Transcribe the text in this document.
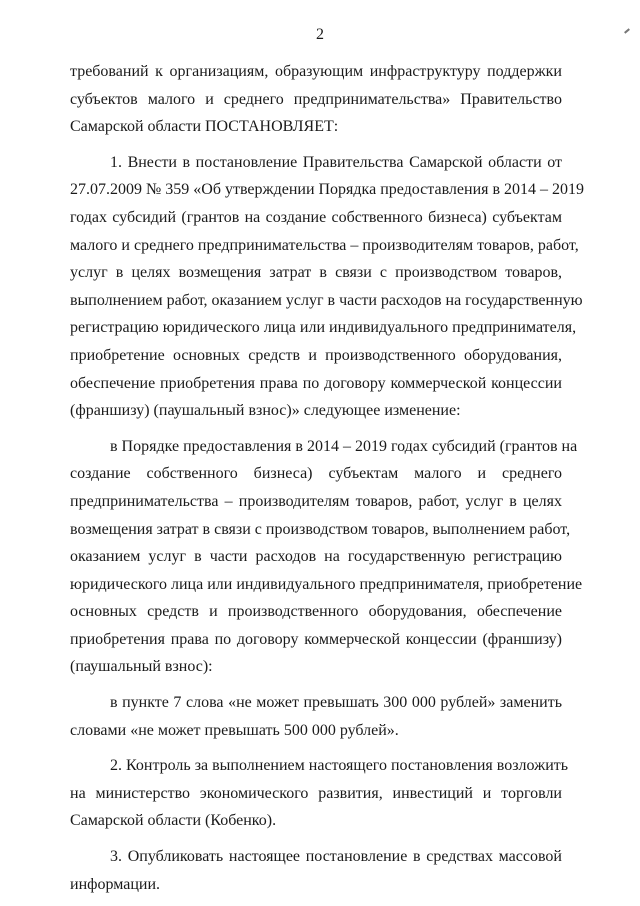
2

требований к организациям, образующим инфраструктуру поддержки
субъектов малого и среднего предпринимательства» Правительство
Самарской области ПОСТАНОВЛЯЕТ:

1. Внести в постановление Правительства Самарской области от
27.07.2009 № 359 «Об утверждении Порядка предоставления в 2014 – 2019
годах субсидий (грантов на создание собственного бизнеса) субъектам
малого и среднего предпринимательства – производителям товаров, работ,
услуг в целях возмещения затрат в связи с производством товаров,
выполнением работ, оказанием услуг в части расходов на государственную
регистрацию юридического лица или индивидуального предпринимателя,
приобретение основных средств и производственного оборудования,
обеспечение приобретения права по договору коммерческой концессии
(франшизу) (паушальный взнос)» следующее изменение:

в Порядке предоставления в 2014 – 2019 годах субсидий (грантов на
создание собственного бизнеса) субъектам малого и среднего
предпринимательства – производителям товаров, работ, услуг в целях
возмещения затрат в связи с производством товаров, выполнением работ,
оказанием услуг в части расходов на государственную регистрацию
юридического лица или индивидуального предпринимателя, приобретение
основных средств и производственного оборудования, обеспечение
приобретения права по договору коммерческой концессии (франшизу)
(паушальный взнос):

в пункте 7 слова «не может превышать 300 000 рублей» заменить
словами «не может превышать 500 000 рублей».

2. Контроль за выполнением настоящего постановления возложить
на министерство экономического развития, инвестиций и торговли
Самарской области (Кобенко).

3. Опубликовать настоящее постановление в средствах массовой
информации.
